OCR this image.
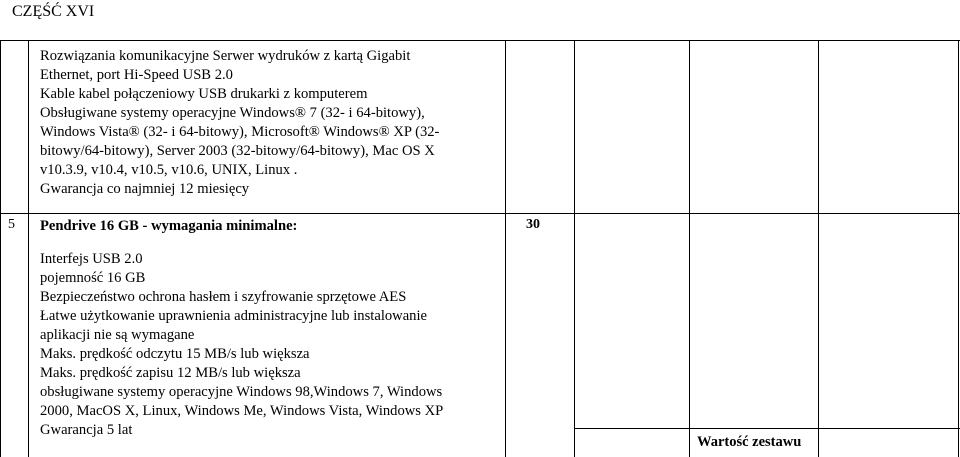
CZĘŚĆ XVI
Rozwiązania komunikacyjne Serwer wydruków z kartą Gigabit
Ethernet, port Hi-Speed USB 2.0
Kable kabel połączeniowy USB drukarki z komputerem
Obsługiwane systemy operacyjne Windows® 7 (32- i 64-bitowy),
Windows Vista® (32- i 64-bitowy), Microsoft® Windows® XP (32-
bitowy/64-bitowy), Server 2003 (32-bitowy/64-bitowy), Mac OS X
v10.3.9, v10.4, v10.5, v10.6, UNIX, Linux .
Gwarancja co najmniej 12 miesięcy
5 Pendrive 16 GB - wymagania minimalne:	30
Interfejs USB 2.0
pojemność 16 GB
Bezpieczeństwo ochrona hasłem i szyfrowanie sprzętowe AES
Łatwe użytkowanie uprawnienia administracyjne lub instalowanie
aplikacji nie są wymagane
Maks. prędkość odczytu 15 MB/s lub większa
Maks. prędkość zapisu 12 MB/s lub większa
obsługiwane systemy operacyjne Windows 98,Windows 7, Windows
2000, MacOS X, Linux, Windows Me, Windows Vista, Windows XP
Gwarancja 5 lat
Wartość zestawu
